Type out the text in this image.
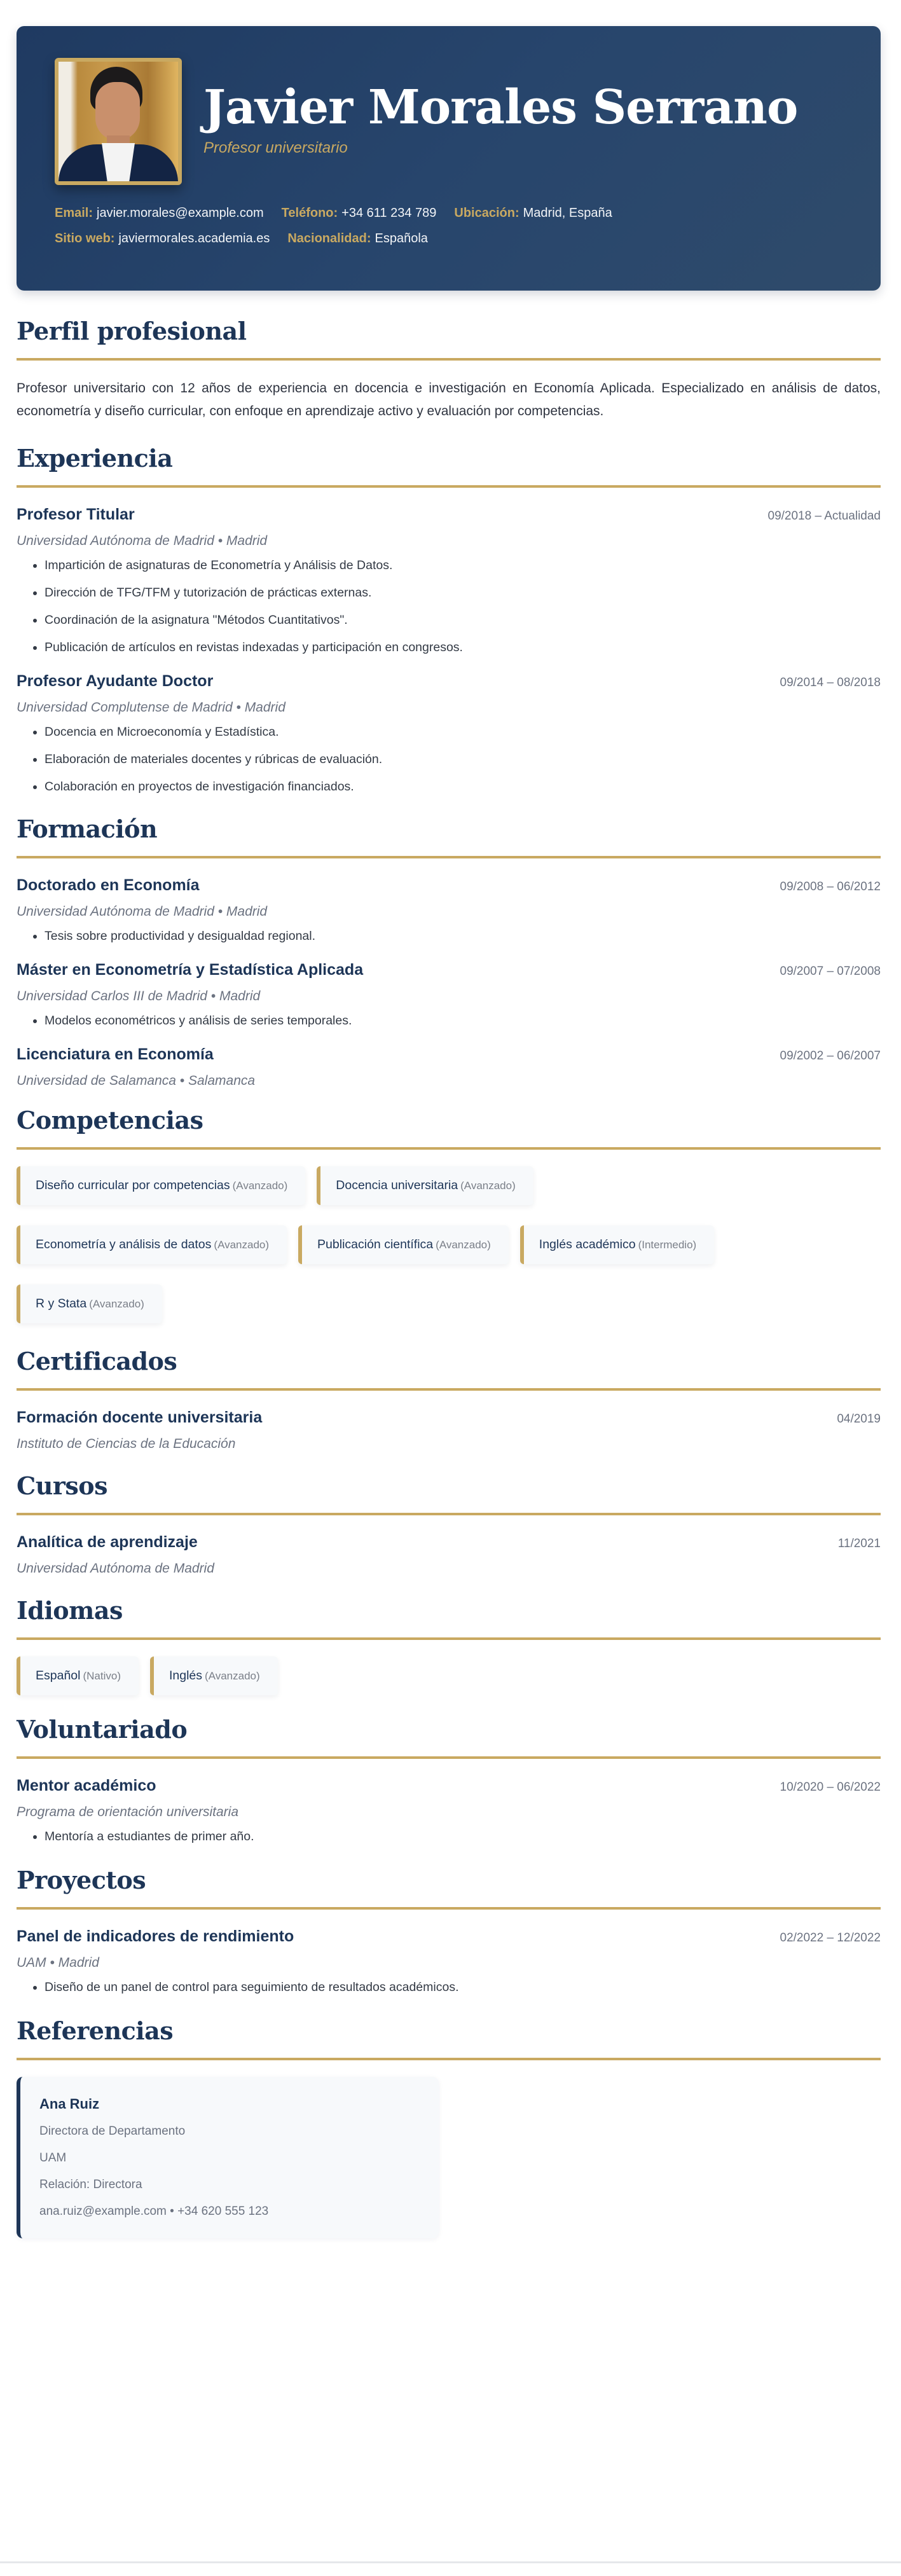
Javier Morales Serrano
Profesor universitario
Email: javier.morales@example.com Teléfono: +34 611 234 789 Ubicación: Madrid, España
Sitio web: javiermorales.academia.es Nacionalidad: Española
Perfil profesional

Profesor universitario con 12 años de experiencia en docencia e investigación en Economía Aplicada. Especializado en análisis de datos, econometría y diseño curricular, con enfoque en aprendizaje activo y evaluación por competencias.

Experiencia
Profesor Titular	09/2018 – Actualidad
Universidad Autónoma de Madrid • Madrid
• Impartición de asignaturas de Econometría y Análisis de Datos.
• Dirección de TFG/TFM y tutorización de prácticas externas.
• Coordinación de la asignatura "Métodos Cuantitativos".
• Publicación de artículos en revistas indexadas y participación en congresos.
Profesor Ayudante Doctor	09/2014 – 08/2018
Universidad Complutense de Madrid • Madrid
• Docencia en Microeconomía y Estadística.
• Elaboración de materiales docentes y rúbricas de evaluación.
• Colaboración en proyectos de investigación financiados.
Formación
Doctorado en Economía	09/2008 – 06/2012
Universidad Autónoma de Madrid • Madrid
• Tesis sobre productividad y desigualdad regional.
Máster en Econometría y Estadística Aplicada	09/2007 – 07/2008
Universidad Carlos III de Madrid • Madrid
• Modelos econométricos y análisis de series temporales.
Licenciatura en Economía	09/2002 – 06/2007
Universidad de Salamanca • Salamanca
Competencias
Diseño curricular por competencias (Avanzado)	Docencia universitaria (Avanzado)
Econometría y análisis de datos (Avanzado)	Publicación científica (Avanzado)	Inglés académico (Intermedio)
R y Stata (Avanzado)
Certificados
Formación docente universitaria	04/2019
Instituto de Ciencias de la Educación
Cursos
Analítica de aprendizaje	11/2021
Universidad Autónoma de Madrid
Idiomas
Español (Nativo)	Inglés (Avanzado)
Voluntariado
Mentor académico	10/2020 – 06/2022
Programa de orientación universitaria
• Mentoría a estudiantes de primer año.
Proyectos
Panel de indicadores de rendimiento	02/2022 – 12/2022
UAM • Madrid
• Diseño de un panel de control para seguimiento de resultados académicos.
Referencias
Ana Ruiz
Directora de Departamento
UAM
Relación: Directora
ana.ruiz@example.com • +34 620 555 123
